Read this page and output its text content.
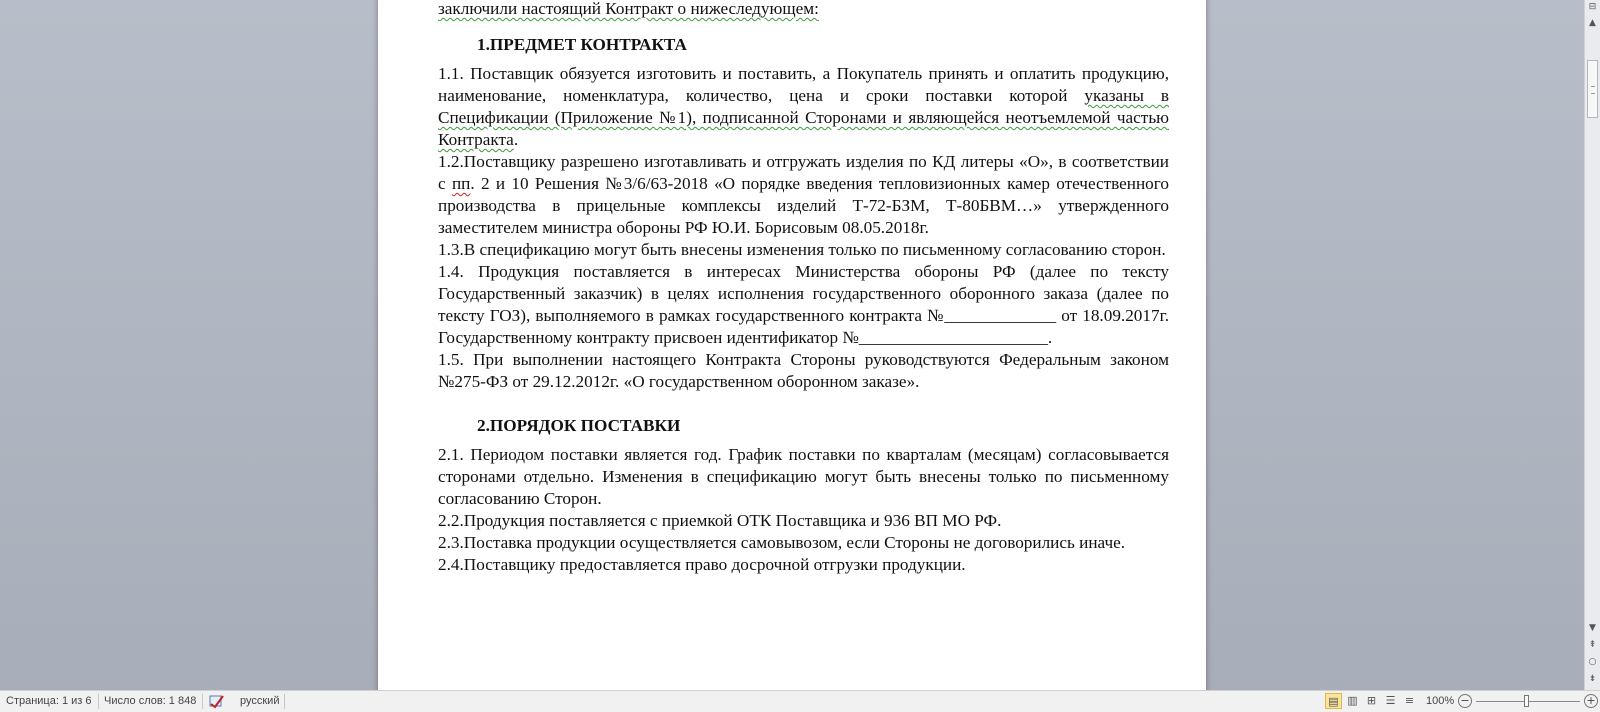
заключили настоящий Контракт о нижеследующем:

1.ПРЕДМЕТ КОНТРАКТА

1.1. Поставщик обязуется изготовить и поставить, а Покупатель принять и оплатить продукцию, наименование, номенклатура, количество, цена и сроки поставки которой указаны в Спецификации (Приложение №1), подписанной Сторонами и являющейся неотъемлемой частью Контракта.

1.2.Поставщику разрешено изготавливать и отгружать изделия по КД литеры «О», в соответствии с пп. 2 и 10 Решения №3/6/63-2018 «О порядке введения тепловизионных камер отечественного производства в прицельные комплексы изделий Т-72-БЗМ, Т-80БВМ…» утвержденного заместителем министра обороны РФ Ю.И. Борисовым 08.05.2018г.

1.3.В спецификацию могут быть внесены изменения только по письменному согласованию сторон.

1.4. Продукция поставляется в интересах Министерства обороны РФ (далее по тексту Государственный заказчик) в целях исполнения государственного оборонного заказа (далее по тексту ГОЗ), выполняемого в рамках государственного контракта №_____________ от 18.09.2017г. Государственному контракту присвоен идентификатор №______________________.

1.5. При выполнении настоящего Контракта Стороны руководствуются Федеральным законом №275-ФЗ от 29.12.2012г. «О государственном оборонном заказе».

2.ПОРЯДОК ПОСТАВКИ

2.1. Периодом поставки является год. График поставки по кварталам (месяцам) согласовывается сторонами отдельно. Изменения в спецификацию могут быть внесены только по письменному согласованию Сторон.

2.2.Продукция поставляется с приемкой ОТК Поставщика и 936 ВП МО РФ.

2.3.Поставка продукции осуществляется самовывозом, если Стороны не договорились иначе.

2.4.Поставщику предоставляется право досрочной отгрузки продукции.

⊟
▲
▼
⇞
○
⇟
Страница: 1 из 6 Число слов: 1 848	русский	▤ ▥ ⊞ ☰ ≡	100% −	+
